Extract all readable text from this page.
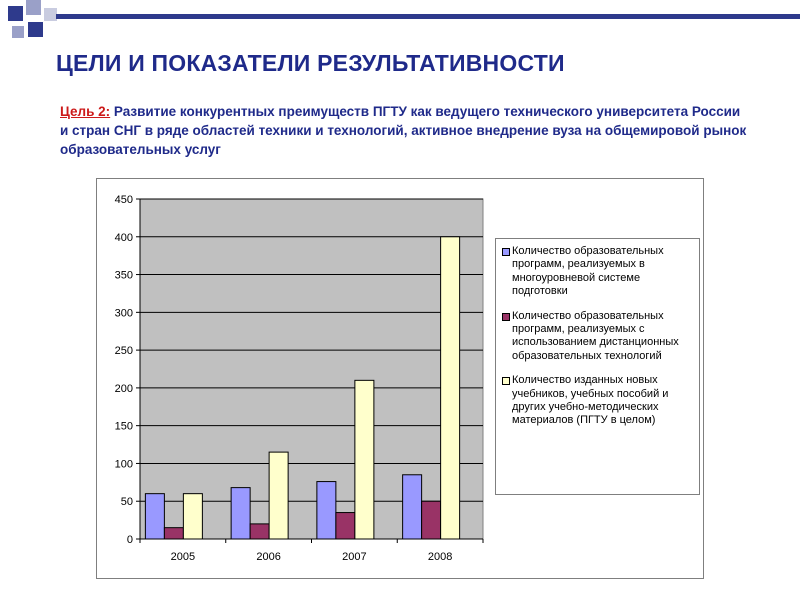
ЦЕЛИ И ПОКАЗАТЕЛИ РЕЗУЛЬТАТИВНОСТИ
Цель 2: Развитие конкурентных преимуществ ПГТУ как ведущего технического университета России и стран СНГ в ряде областей техники и технологий, активное внедрение вуза на общемировой рынок образовательных услуг
0
50
100
150
200
250
300
350
400
450
2005	2006	2007	2008
Количество образовательных программ, реализуемых в многоуровневой системе подготовки
Количество образовательных программ, реализуемых с использованием дистанционных образовательных технологий
Количество изданных новых учебников, учебных пособий и других учебно-методических материалов (ПГТУ в целом)
